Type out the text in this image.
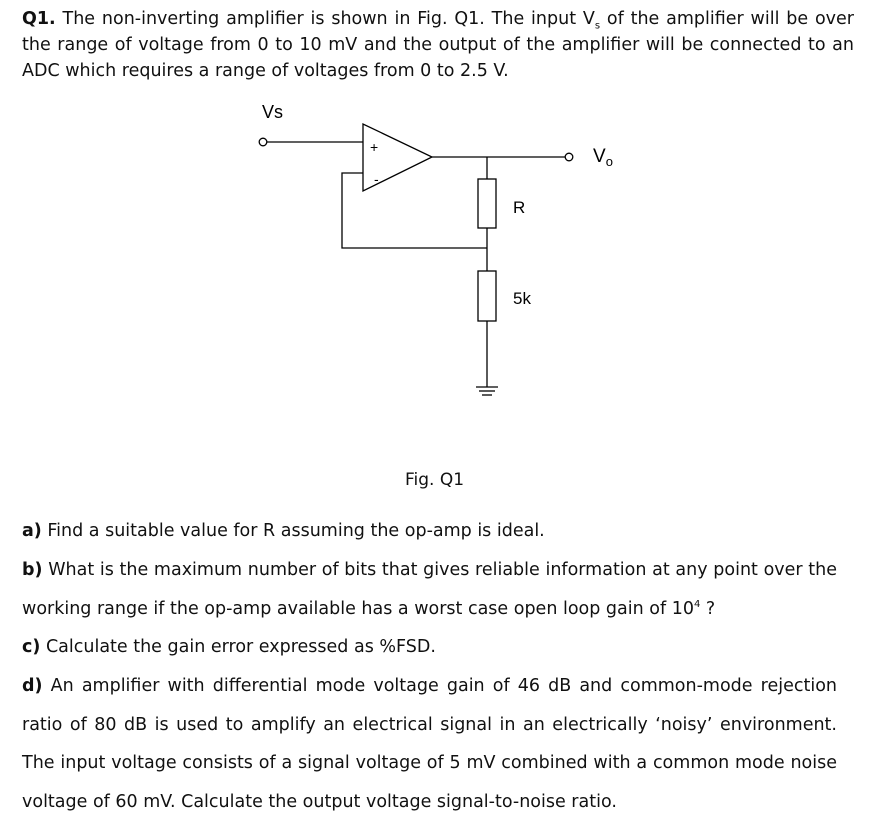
Q1. The non-inverting amplifier is shown in Fig. Q1. The input $V_s$ of the amplifier will be over the range of voltage from 0 to 10 mV and the output of the amplifier will be connected to an ADC which requires a range of voltages from 0 to 2.5 V.
Vs
+
-
$V_o$
R
5k
Fig. Q1
a) Find a suitable value for R assuming the op-amp is ideal.
b) What is the maximum number of bits that gives reliable information at any point over the working range if the op-amp available has a worst case open loop gain of $10^4$ ?
c) Calculate the gain error expressed as %FSD.
d) An amplifier with differential mode voltage gain of 46 dB and common-mode rejection ratio of 80 dB is used to amplify an electrical signal in an electrically ‘noisy’ environment. The input voltage consists of a signal voltage of 5 mV combined with a common mode noise voltage of 60 mV. Calculate the output voltage signal-to-noise ratio.
